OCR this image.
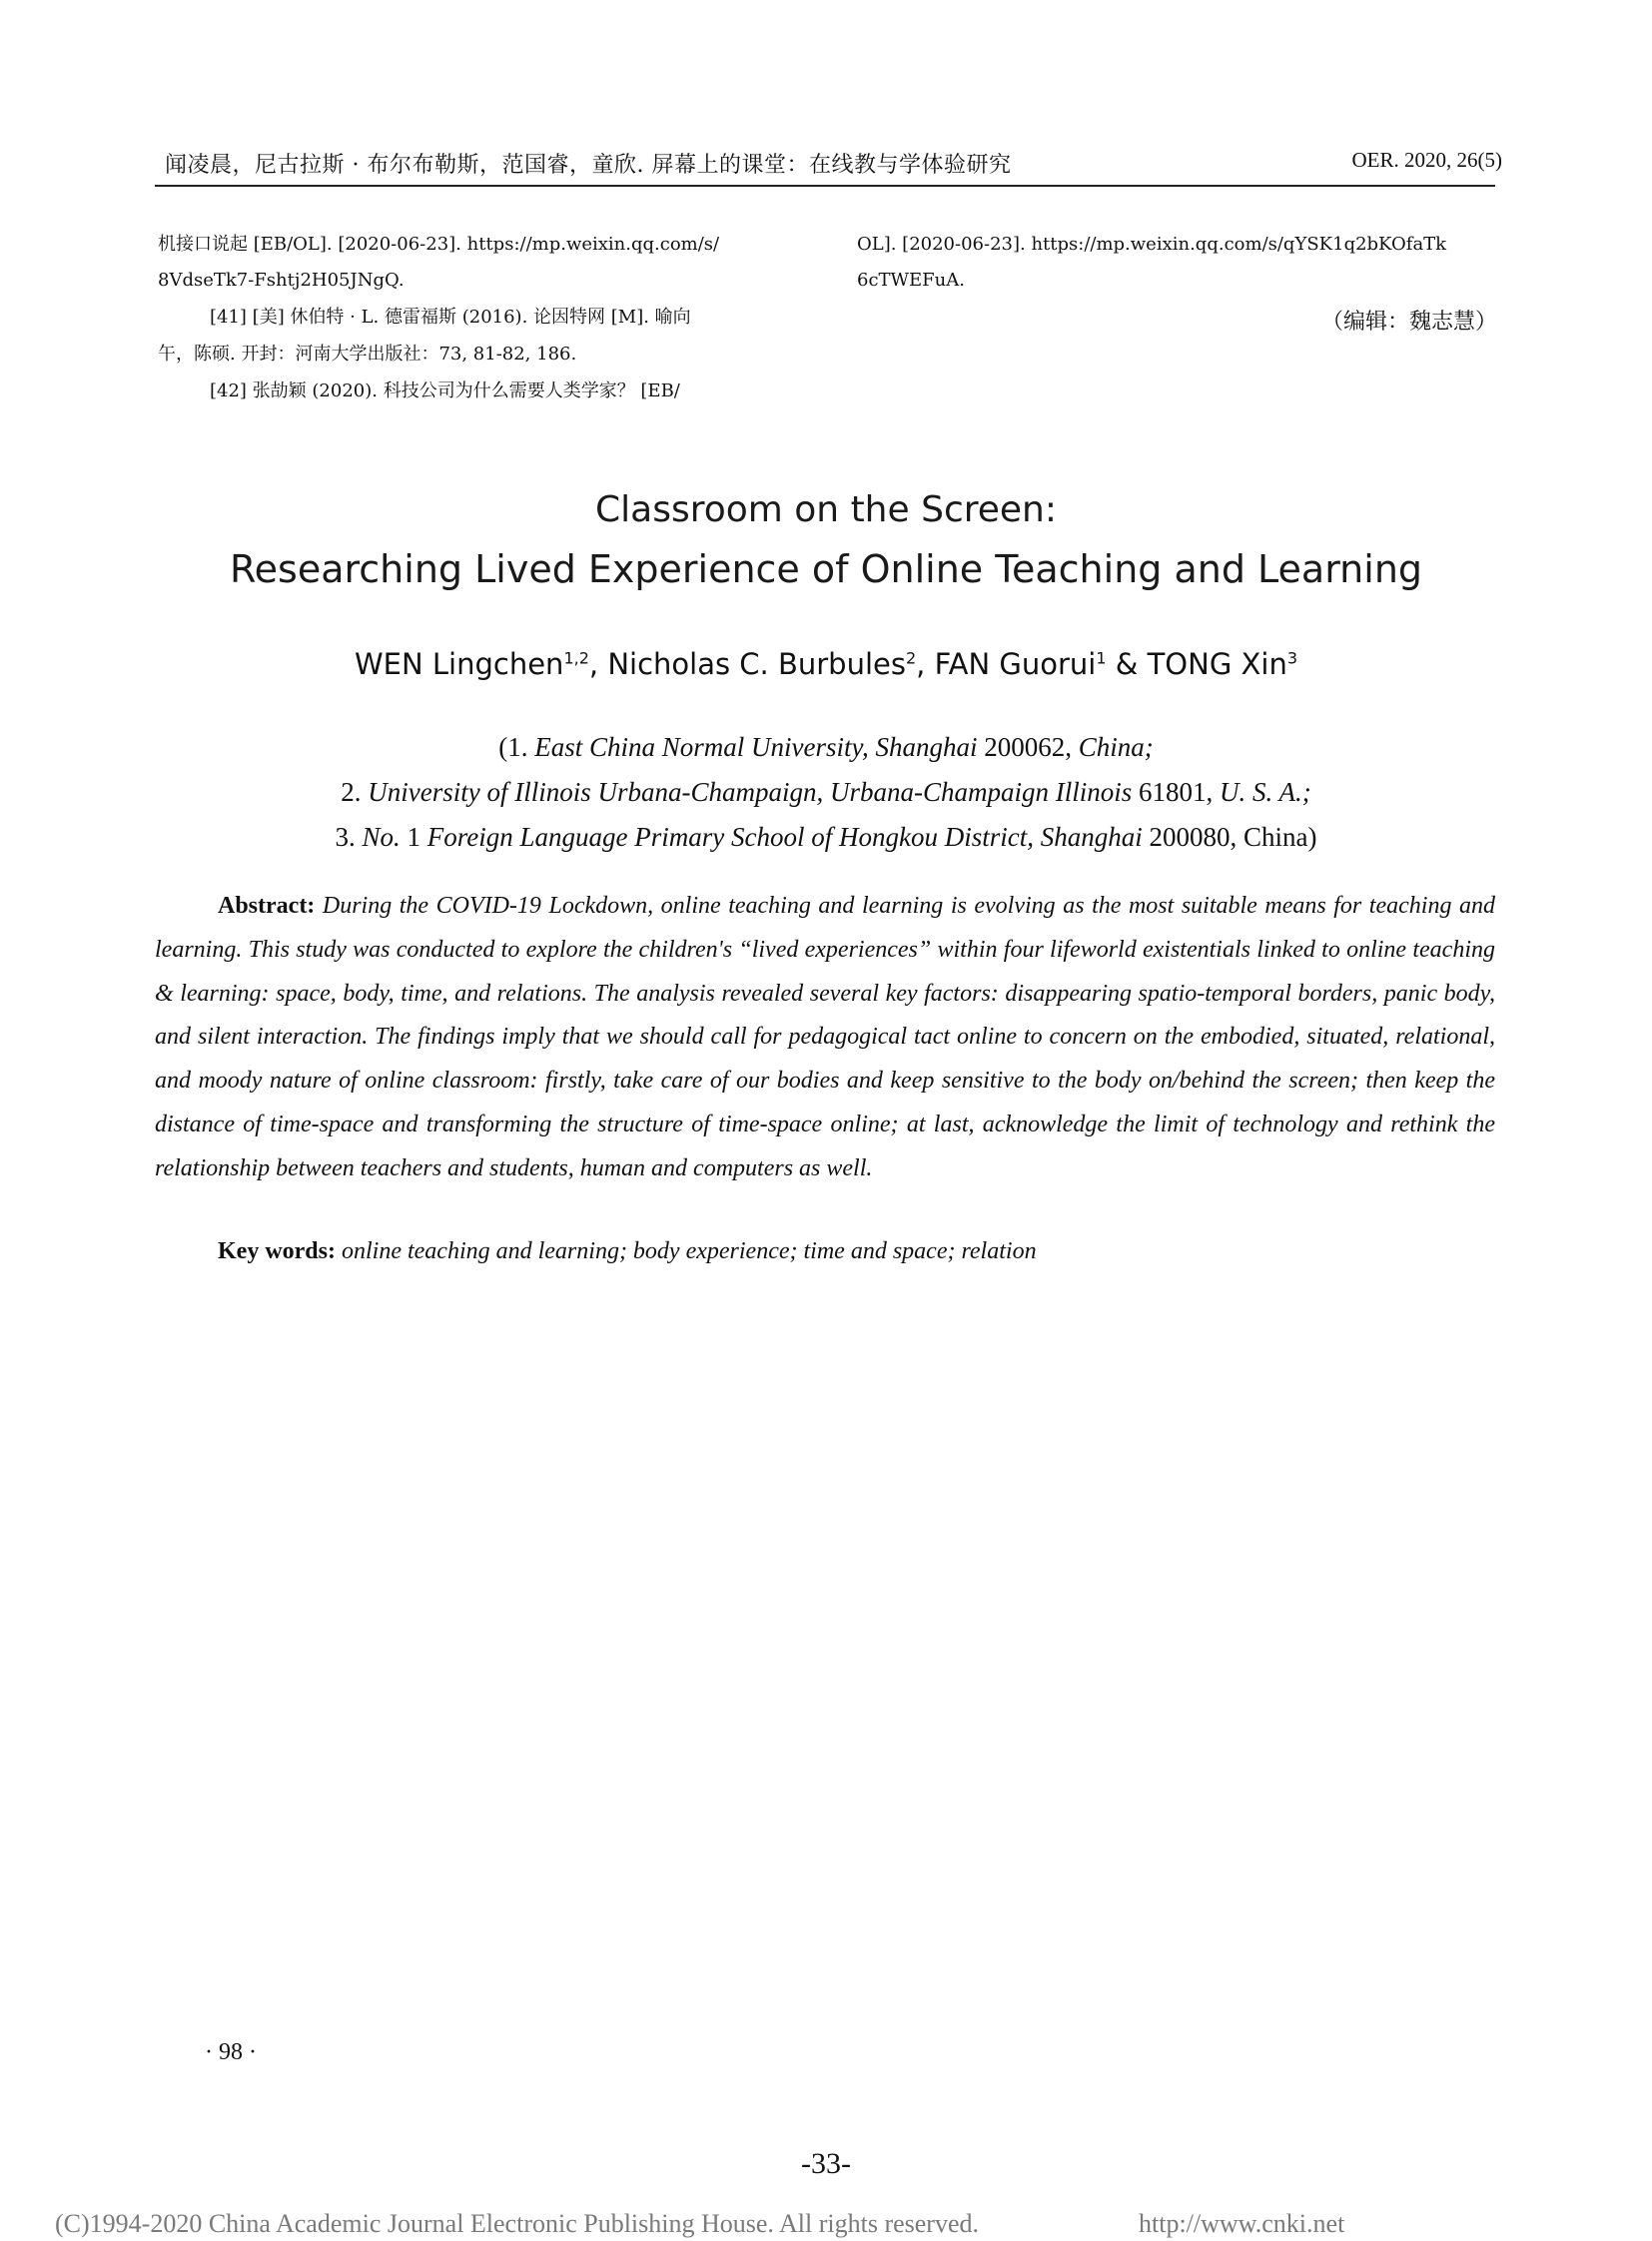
闻凌晨，尼古拉斯 · 布尔布勒斯，范国睿，童欣. 屏幕上的课堂：在线教与学体验研究	OER. 2020, 26(5)
机接口说起 [EB/OL]. [2020-06-23]. https://mp.weixin.qq.com/s/
8VdseTk7-Fshtj2H05JNgQ.
[41] [美] 休伯特 · L. 德雷福斯 (2016). 论因特网 [M]. 喻向
午，陈硕. 开封：河南大学出版社：73, 81-82, 186.
[42] 张劼颖 (2020). 科技公司为什么需要人类学家？ [EB/
OL]. [2020-06-23]. https://mp.weixin.qq.com/s/qYSK1q2bKOfaTk
6cTWEFuA.
（编辑：魏志慧）
Classroom on the Screen:
Researching Lived Experience of Online Teaching and Learning
WEN Lingchen$^{1,2}$, Nicholas C. Burbules$^2$, FAN Guorui$^1$ & TONG Xin$^3$
(1. East China Normal University, Shanghai 200062, China;
2. University of Illinois Urbana-Champaign, Urbana-Champaign Illinois 61801, U. S. A.;
3. No. 1 Foreign Language Primary School of Hongkou District, Shanghai 200080, China)
Abstract: During the COVID-19 Lockdown, online teaching and learning is evolving as the most suitable means for teaching and learning. This study was conducted to explore the children's “lived experiences” within four lifeworld existentials linked to online teaching & learning: space, body, time, and relations. The analysis revealed several key factors: disappearing spatio-temporal borders, panic body, and silent interaction. The findings imply that we should call for pedagogical tact online to concern on the embodied, situated, relational, and moody nature of online classroom: firstly, take care of our bodies and keep sensitive to the body on/behind the screen; then keep the distance of time-space and transforming the structure of time-space online; at last, acknowledge the limit of technology and rethink the relationship between teachers and students, human and computers as well.
Key words: online teaching and learning; body experience; time and space; relation
· 98 ·
-33-
(C)1994-2020 China Academic Journal Electronic Publishing House. All rights reserved.	http://www.cnki.net
